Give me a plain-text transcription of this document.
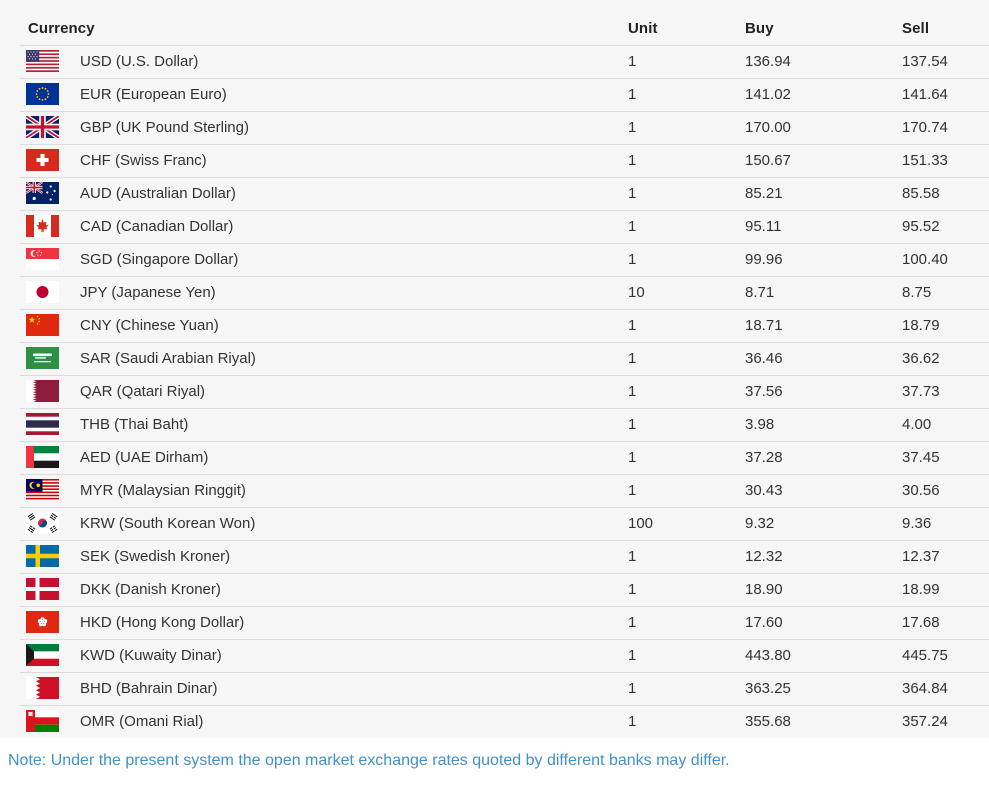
Currency	Unit	Buy	Sell
USD (U.S. Dollar)	1	136.94	137.54
EUR (European Euro)	1	141.02	141.64
GBP (UK Pound Sterling)	1	170.00	170.74
CHF (Swiss Franc)	1	150.67	151.33
AUD (Australian Dollar)	1	85.21	85.58
CAD (Canadian Dollar)	1	95.11	95.52
SGD (Singapore Dollar)	1	99.96	100.40
JPY (Japanese Yen)	10	8.71	8.75
CNY (Chinese Yuan)	1	18.71	18.79
SAR (Saudi Arabian Riyal)	1	36.46	36.62
QAR (Qatari Riyal)	1	37.56	37.73
THB (Thai Baht)	1	3.98	4.00
AED (UAE Dirham)	1	37.28	37.45
MYR (Malaysian Ringgit)	1	30.43	30.56
KRW (South Korean Won)	100	9.32	9.36
SEK (Swedish Kroner)	1	12.32	12.37
DKK (Danish Kroner)	1	18.90	18.99
HKD (Hong Kong Dollar)	1	17.60	17.68
KWD (Kuwaity Dinar)	1	443.80	445.75
BHD (Bahrain Dinar)	1	363.25	364.84
OMR (Omani Rial)	1	355.68	357.24
Note: Under the present system the open market exchange rates quoted by different banks may differ.
